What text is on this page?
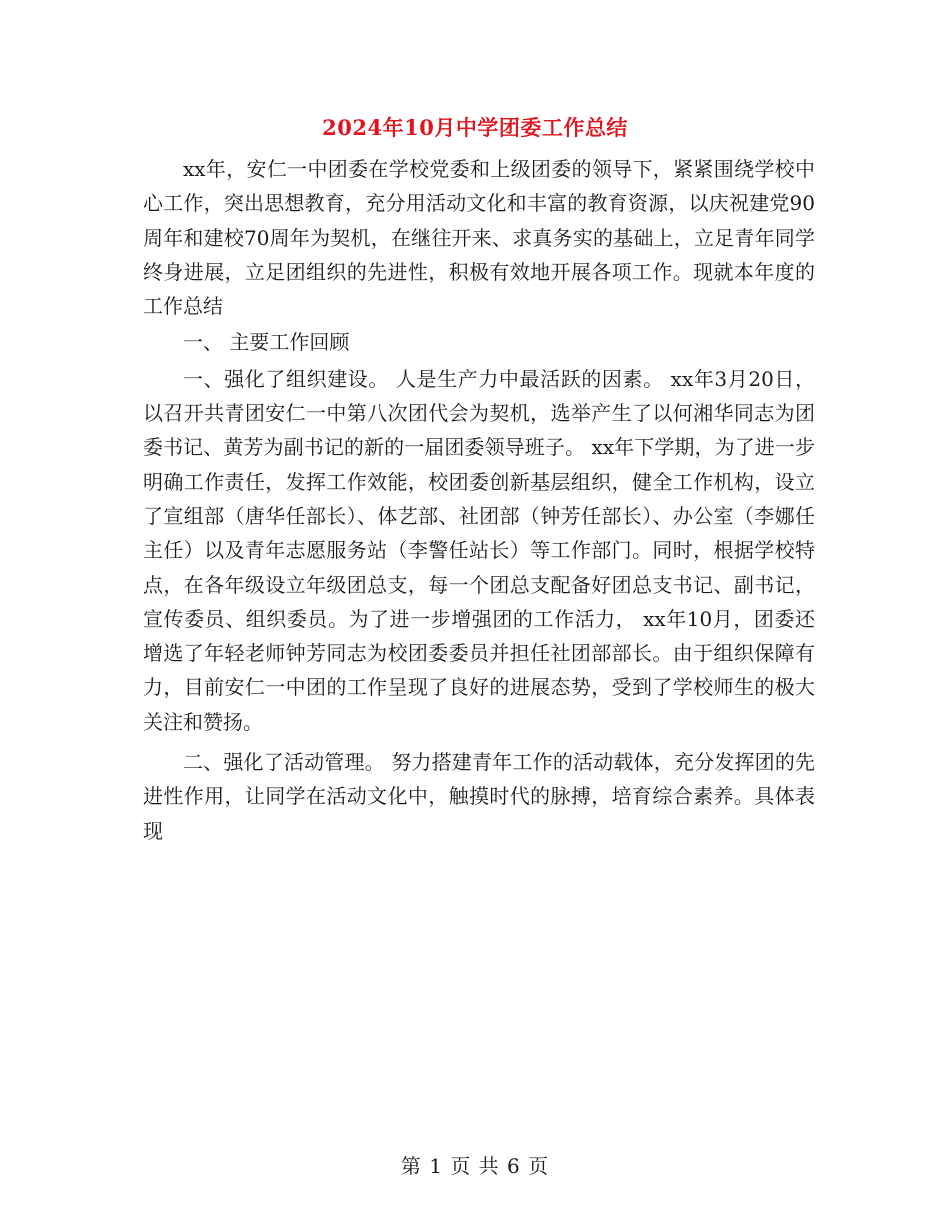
2024年10月中学团委工作总结

xx年，安仁一中团委在学校党委和上级团委的领导下，紧紧围绕学校中心工作，突出思想教育，充分用活动文化和丰富的教育资源，以庆祝建党90周年和建校70周年为契机，在继往开来、求真务实的基础上，立足青年同学终身进展，立足团组织的先进性，积极有效地开展各项工作。现就本年度的工作总结

一、 主要工作回顾

一、强化了组织建设。 人是生产力中最活跃的因素。 xx年3月20日，以召开共青团安仁一中第八次团代会为契机，选举产生了以何湘华同志为团委书记、黄芳为副书记的新的一届团委领导班子。 xx年下学期，为了进一步明确工作责任，发挥工作效能，校团委创新基层组织，健全工作机构，设立了宣组部（唐华任部长）、体艺部、社团部（钟芳任部长）、办公室（李娜任主任）以及青年志愿服务站（李警任站长）等工作部门。同时，根据学校特点，在各年级设立年级团总支，每一个团总支配备好团总支书记、副书记，宣传委员、组织委员。为了进一步增强团的工作活力， xx年10月，团委还增选了年轻老师钟芳同志为校团委委员并担任社团部部长。由于组织保障有力，目前安仁一中团的工作呈现了良好的进展态势，受到了学校师生的极大关注和赞扬。

二、强化了活动管理。 努力搭建青年工作的活动载体，充分发挥团的先进性作用，让同学在活动文化中，触摸时代的脉搏，培育综合素养。具体表现

第 1 页 共 6 页
